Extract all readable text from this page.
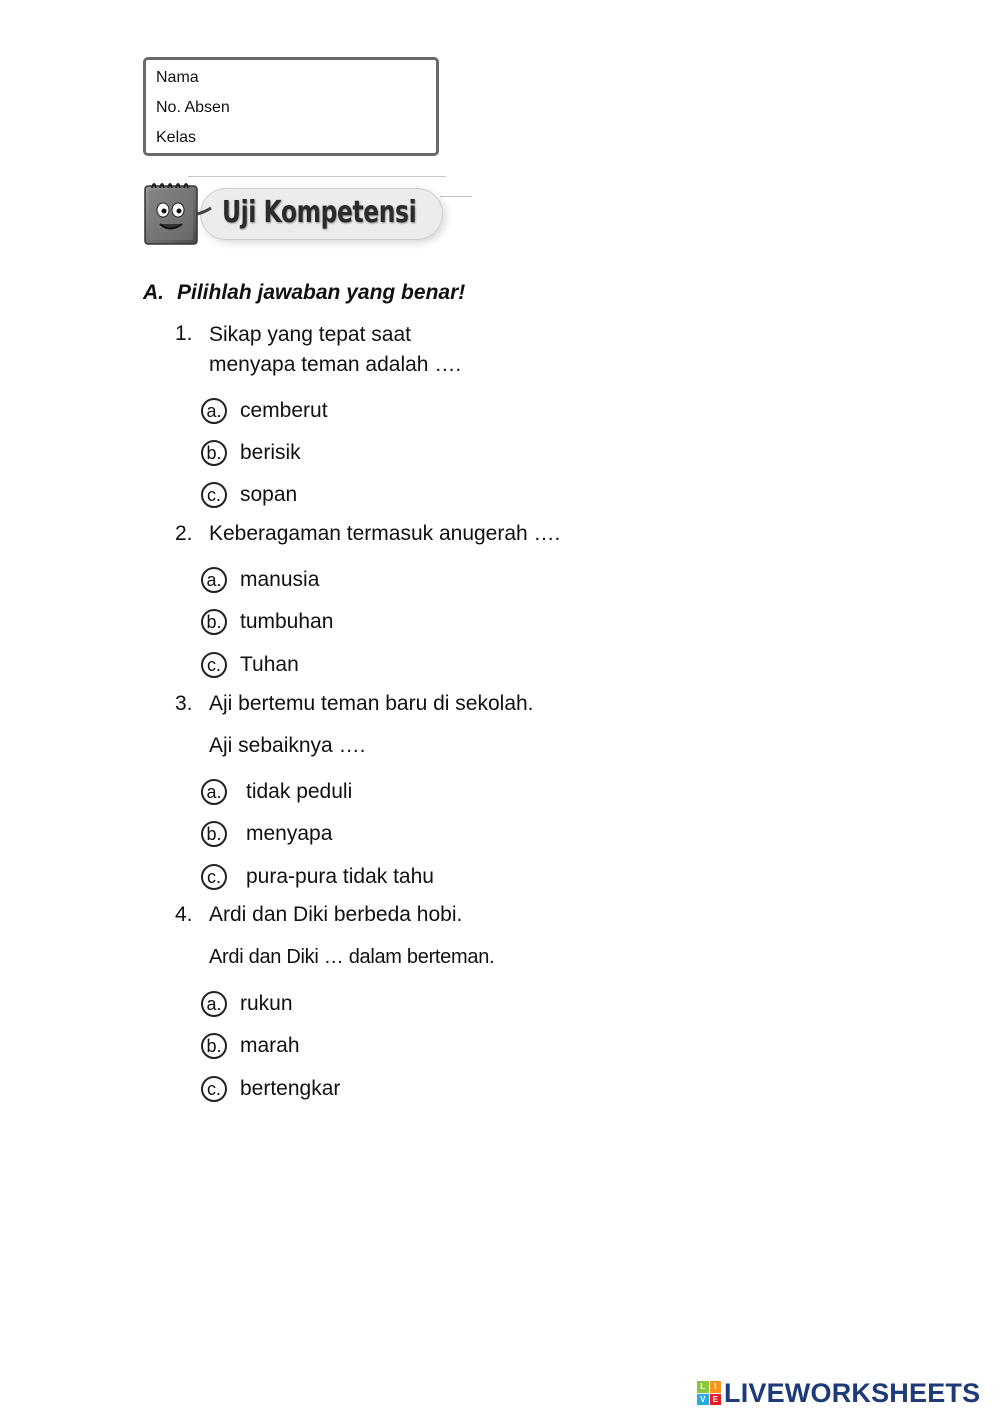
Nama
No. Absen
Kelas
Uji Kompetensi
A. Pilihlah jawaban yang benar!
1. Sikap yang tepat saat
menyapa teman adalah ….
a. cemberut
b. berisik
c. sopan
2. Keberagaman termasuk anugerah ….
a. manusia
b. tumbuhan
c. Tuhan
3. Aji bertemu teman baru di sekolah.
Aji sebaiknya ….
a. tidak peduli
b. menyapa
c. pura-pura tidak tahu
4. Ardi dan Diki berbeda hobi.
Ardi dan Diki … dalam berteman.
a. rukun
b. marah
c. bertengkar
L	I
V E LIVEWORKSHEETS
